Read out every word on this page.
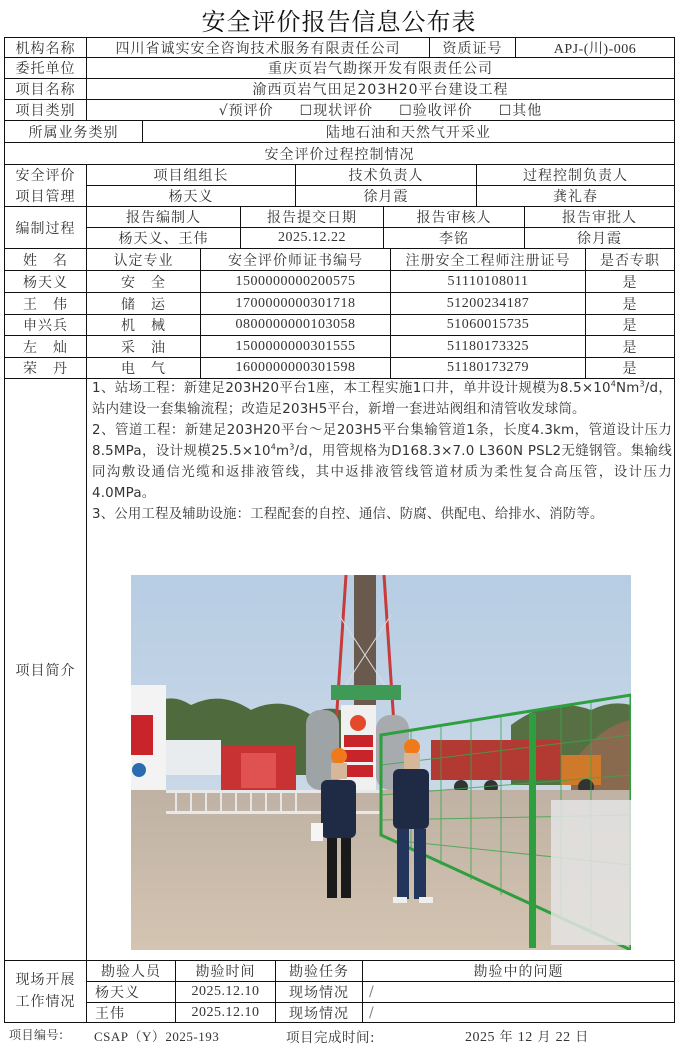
安全评价报告信息公布表
机构名称	四川省诚实安全咨询技术服务有限责任公司	资质证号	APJ-(川)-006
委托单位	重庆页岩气勘探开发有限责任公司
项目名称	渝西页岩气田足203H20平台建设工程
项目类别	√预评价 ☐现状评价 ☐验收评价 ☐其他
所属业务类别	陆地石油和天然气开采业
安全评价过程控制情况
安全评价
项目管理
项目组组长	技术负责人	过程控制负责人
杨天义	徐月霞	龚礼春
编制过程
报告编制人	报告提交日期	报告审核人	报告审批人
杨天义、王伟	2025.12.22	李铭	徐月霞
姓　名	认定专业	安全评价师证书编号	注册安全工程师注册证号	是否专职
杨天义	安　全	1500000000200575	51110108011	是
王　伟	储　运	1700000000301718	51200234187	是
申兴兵	机　械	0800000000103058	51060015735	是
左　灿	采　油	1500000000301555	51180173325	是
荣　丹	电　气	1600000000301598	51180173279	是
项目简介

1、站场工程：新建足203H20平台1座，本工程实施1口井，单井设计规模为$8.5\times 10^4Nm^3/d$，站内建设一套集输流程；改造足203H5平台，新增一套进站阀组和清管收发球筒。

2、管道工程：新建足203H20平台～足203H5平台集输管道1条，长度4.3km，管道设计压力8.5MPa，设计规模$25.5\times 10^4m^3/d$，用管规格为D168.3×7.0 L360N PSL2无缝钢管。集输线同沟敷设通信光缆和返排液管线，其中返排液管线管道材质为柔性复合高压管，设计压力4.0MPa。

3、公用工程及辅助设施：工程配套的自控、通信、防腐、供配电、给排水、消防等。

现场开展
工作情况
勘验人员	勘验时间	勘验任务	勘验中的问题
杨天义	2025.12.10	现场情况	/
王伟	2025.12.10	现场情况	/
项目编号: CSAP（Y）2025-193	项目完成时间:	2025 年 12 月 22 日
